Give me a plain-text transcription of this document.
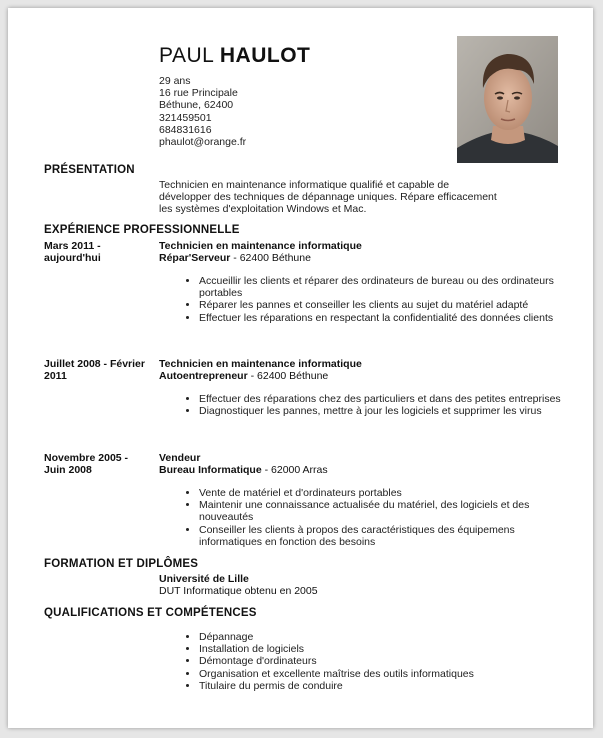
PAUL HAULOT
29 ans
16 rue Principale
Béthune, 62400
321459501
684831616
phaulot@orange.fr
PRÉSENTATION
Technicien en maintenance informatique qualifié et capable de
développer des techniques de dépannage uniques. Répare efficacement
les systèmes d'exploitation Windows et Mac.
EXPÉRIENCE PROFESSIONNELLE
Mars 2011 -
aujourd'hui
Technicien en maintenance informatique
Répar'Serveur - 62400 Béthune
• Accueillir les clients et réparer des ordinateurs de bureau ou des ordinateurs portables
• Réparer les pannes et conseiller les clients au sujet du matériel adapté
• Effectuer les réparations en respectant la confidentialité des données clients
Juillet 2008 - Février
2011
Technicien en maintenance informatique
Autoentrepreneur - 62400 Béthune
• Effectuer des réparations chez des particuliers et dans des petites entreprises
• Diagnostiquer les pannes, mettre à jour les logiciels et supprimer les virus
Novembre 2005 -
Juin 2008
Vendeur
Bureau Informatique - 62000 Arras
• Vente de matériel et d'ordinateurs portables
• Maintenir une connaissance actualisée du matériel, des logiciels et des nouveautés
• Conseiller les clients à propos des caractéristiques des équipemens informatiques en fonction des besoins
FORMATION ET DIPLÔMES
Université de Lille
DUT Informatique obtenu en 2005
QUALIFICATIONS ET COMPÉTENCES
• Dépannage
• Installation de logiciels
• Démontage d'ordinateurs
• Organisation et excellente maîtrise des outils informatiques
• Titulaire du permis de conduire
